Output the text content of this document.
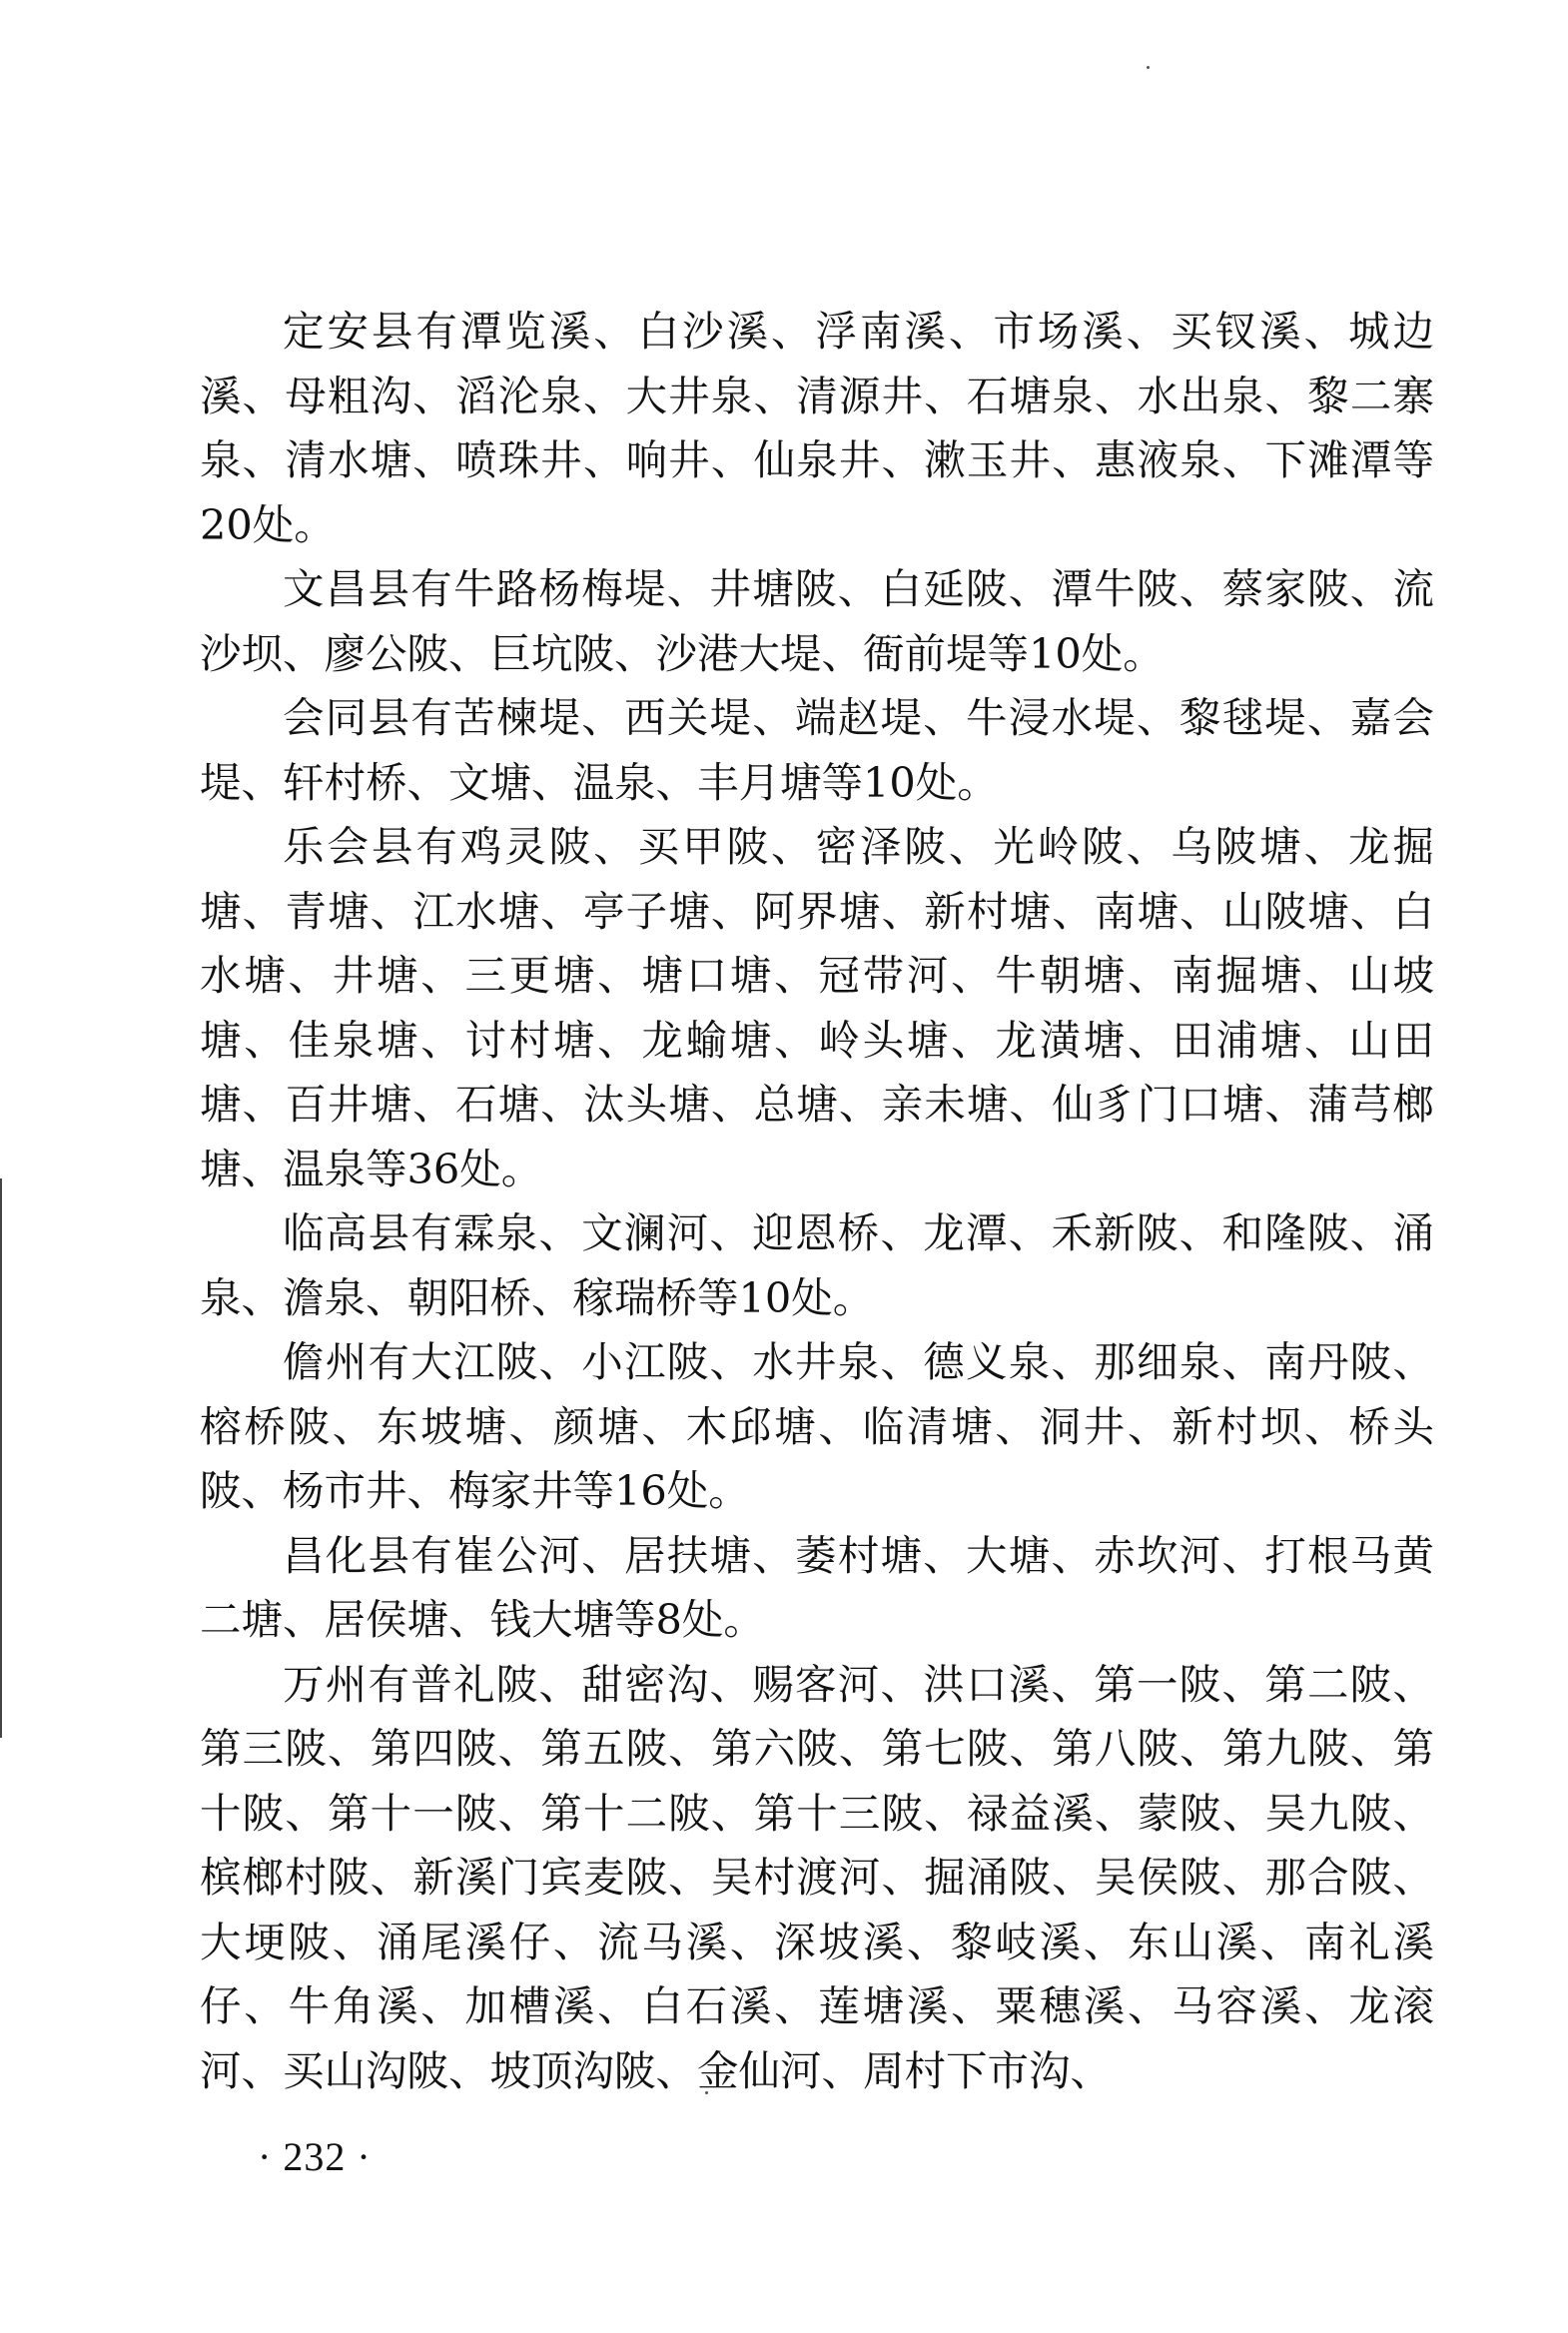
定安县有潭览溪、白沙溪、浮南溪、市场溪、买钗溪、城边溪、母粗沟、滔沦泉、大井泉、清源井、石塘泉、水出泉、黎二寨泉、清水塘、喷珠井、响井、仙泉井、漱玉井、惠液泉、下滩潭等20处。

文昌县有牛路杨梅堤、井塘陂、白延陂、潭牛陂、蔡家陂、流沙坝、廖公陂、巨坑陂、沙港大堤、衙前堤等10处。

会同县有苦楝堤、西关堤、端赵堤、牛浸水堤、黎毬堤、嘉会堤、轩村桥、文塘、温泉、丰月塘等10处。

乐会县有鸡灵陂、买甲陂、密泽陂、光岭陂、乌陂塘、龙掘塘、青塘、江水塘、亭子塘、阿界塘、新村塘、南塘、山陂塘、白水塘、井塘、三更塘、塘口塘、冠带河、牛朝塘、南掘塘、山坡塘、佳泉塘、讨村塘、龙蝓塘、岭头塘、龙潢塘、田浦塘、山田塘、百井塘、石塘、汰头塘、总塘、亲未塘、仙豸门口塘、蒲芎榔塘、温泉等36处。

临高县有霖泉、文澜河、迎恩桥、龙潭、禾新陂、和隆陂、涌泉、澹泉、朝阳桥、稼瑞桥等10处。

儋州有大江陂、小江陂、水井泉、德义泉、那细泉、南丹陂、榕桥陂、东坡塘、颜塘、木邱塘、临清塘、洞井、新村坝、桥头陂、杨市井、梅家井等16处。

昌化县有崔公河、居扶塘、萎村塘、大塘、赤坎河、打根马黄二塘、居侯塘、钱大塘等8处。

万州有普礼陂、甜密沟、赐客河、洪口溪、第一陂、第二陂、第三陂、第四陂、第五陂、第六陂、第七陂、第八陂、第九陂、第十陂、第十一陂、第十二陂、第十三陂、禄益溪、蒙陂、吴九陂、槟榔村陂、新溪门宾麦陂、吴村渡河、掘涌陂、吴侯陂、那合陂、大埂陂、涌尾溪仔、流马溪、深坡溪、黎岐溪、东山溪、南礼溪仔、牛角溪、加槽溪、白石溪、莲塘溪、粟穗溪、马容溪、龙滚河、买山沟陂、坡顶沟陂、金仙河、周村下市沟、

· 232 ·
